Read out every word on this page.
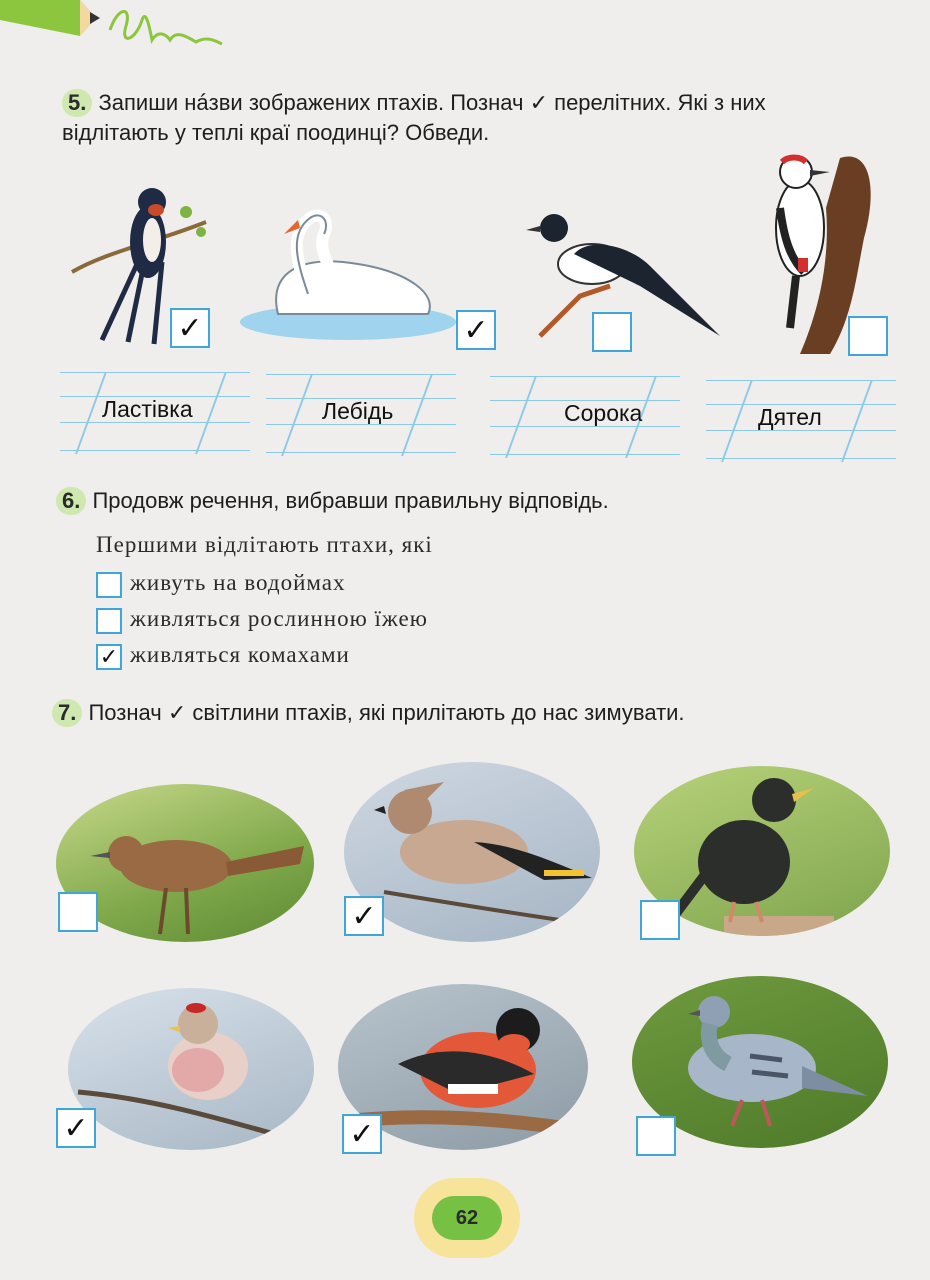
5. Запиши нáзви зображених птахів. Познач ✓ перелітних. Які з них
відлітають у теплі краї поодинці? Обведи.
✓	✓
Ластівка	Лебідь	Сорока	Дятел
6. Продовж речення, вибравши правильну відповідь.
Першими відлітають птахи, які
живуть на водоймах
живляться рослинною їжею
✓ живляться комахами
7. Познач ✓ світлини птахів, які прилітають до нас зимувати.
✓
✓	✓
62
